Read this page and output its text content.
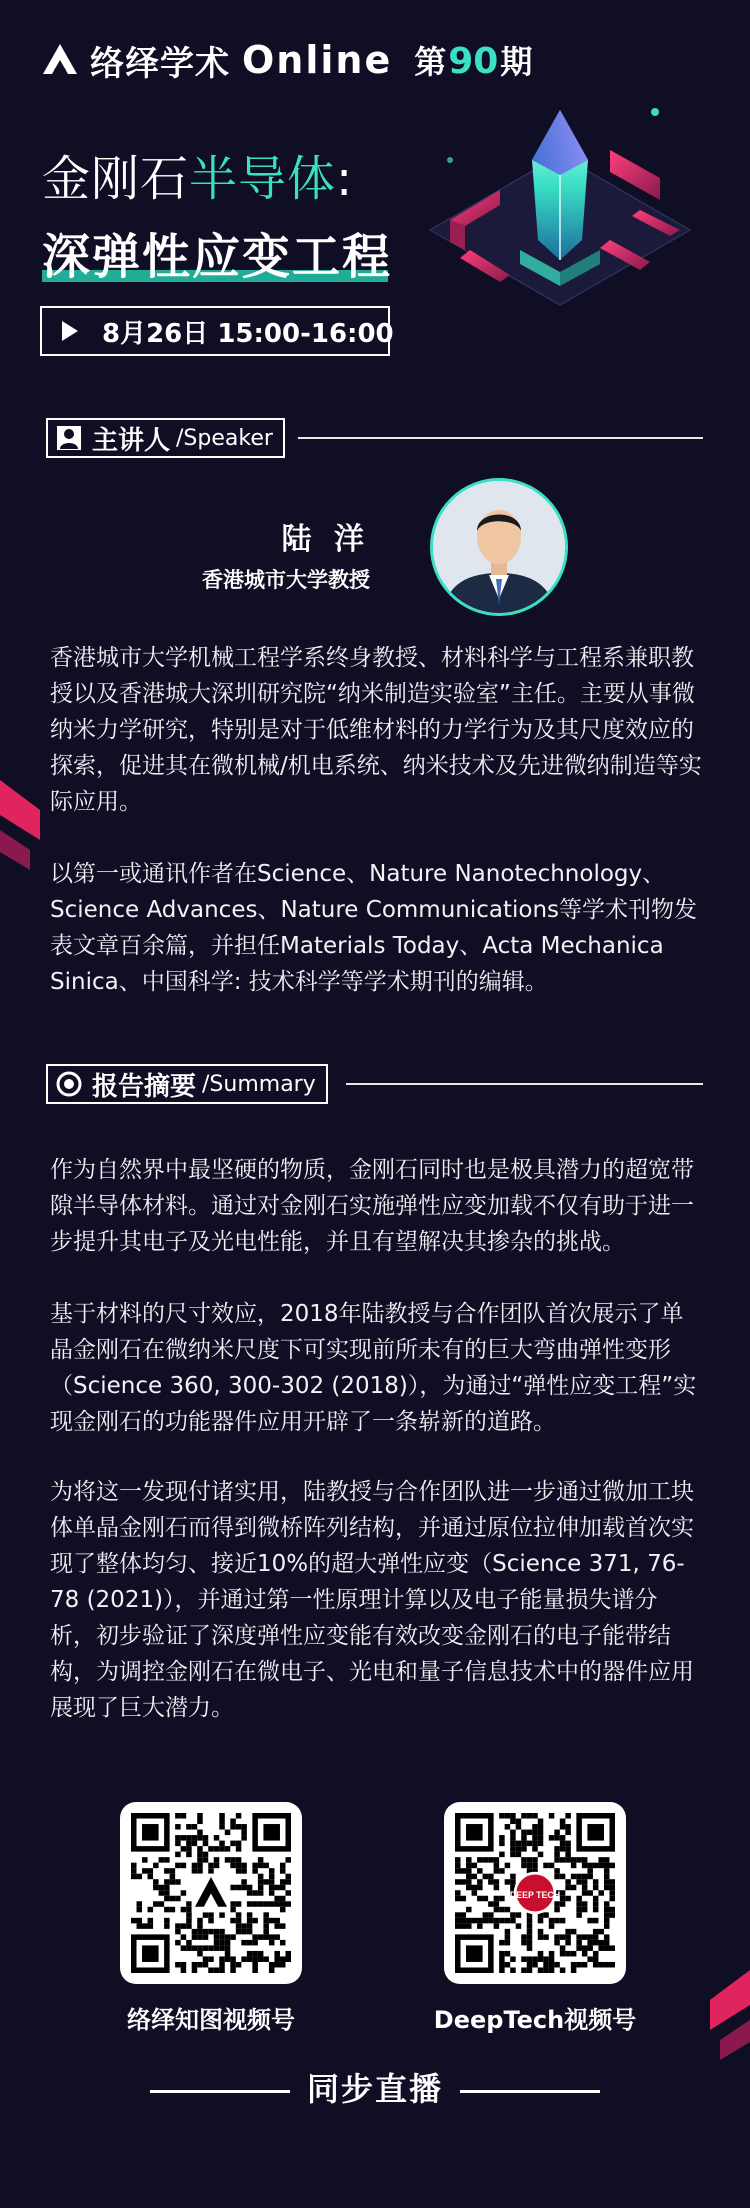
络绎学术 Online 第90期
金刚石半导体:
深弹性应变工程
8月26日 15:00-16:00
主讲人 /Speaker
陆 洋
香港城市大学教授
香港城市大学机械工程学系终身教授、材料科学与工程系兼职教授以及香港城大深圳研究院“纳米制造实验室”主任。主要从事微纳米力学研究，特别是对于低维材料的力学行为及其尺度效应的探索，促进其在微机械/机电系统、纳米技术及先进微纳制造等实际应用。
以第一或通讯作者在Science、Nature Nanotechnology、Science Advances、Nature Communications等学术刊物发表文章百余篇，并担任Materials Today、Acta Mechanica Sinica、中国科学: 技术科学等学术期刊的编辑。
报告摘要 /Summary
作为自然界中最坚硬的物质，金刚石同时也是极具潜力的超宽带隙半导体材料。通过对金刚石实施弹性应变加载不仅有助于进一步提升其电子及光电性能，并且有望解决其掺杂的挑战。
基于材料的尺寸效应，2018年陆教授与合作团队首次展示了单晶金刚石在微纳米尺度下可实现前所未有的巨大弯曲弹性变形（Science 360, 300-302 (2018)），为通过“弹性应变工程”实现金刚石的功能器件应用开辟了一条崭新的道路。
为将这一发现付诸实用，陆教授与合作团队进一步通过微加工块体单晶金刚石而得到微桥阵列结构，并通过原位拉伸加载首次实现了整体均匀、接近10%的超大弹性应变（Science 371, 76-78 (2021)），并通过第一性原理计算以及电子能量损失谱分析，初步验证了深度弹性应变能有效改变金刚石的电子能带结构，为调控金刚石在微电子、光电和量子信息技术中的器件应用展现了巨大潜力。
络绎知图视频号
DEEP TECH
DeepTech视频号
同步直播
